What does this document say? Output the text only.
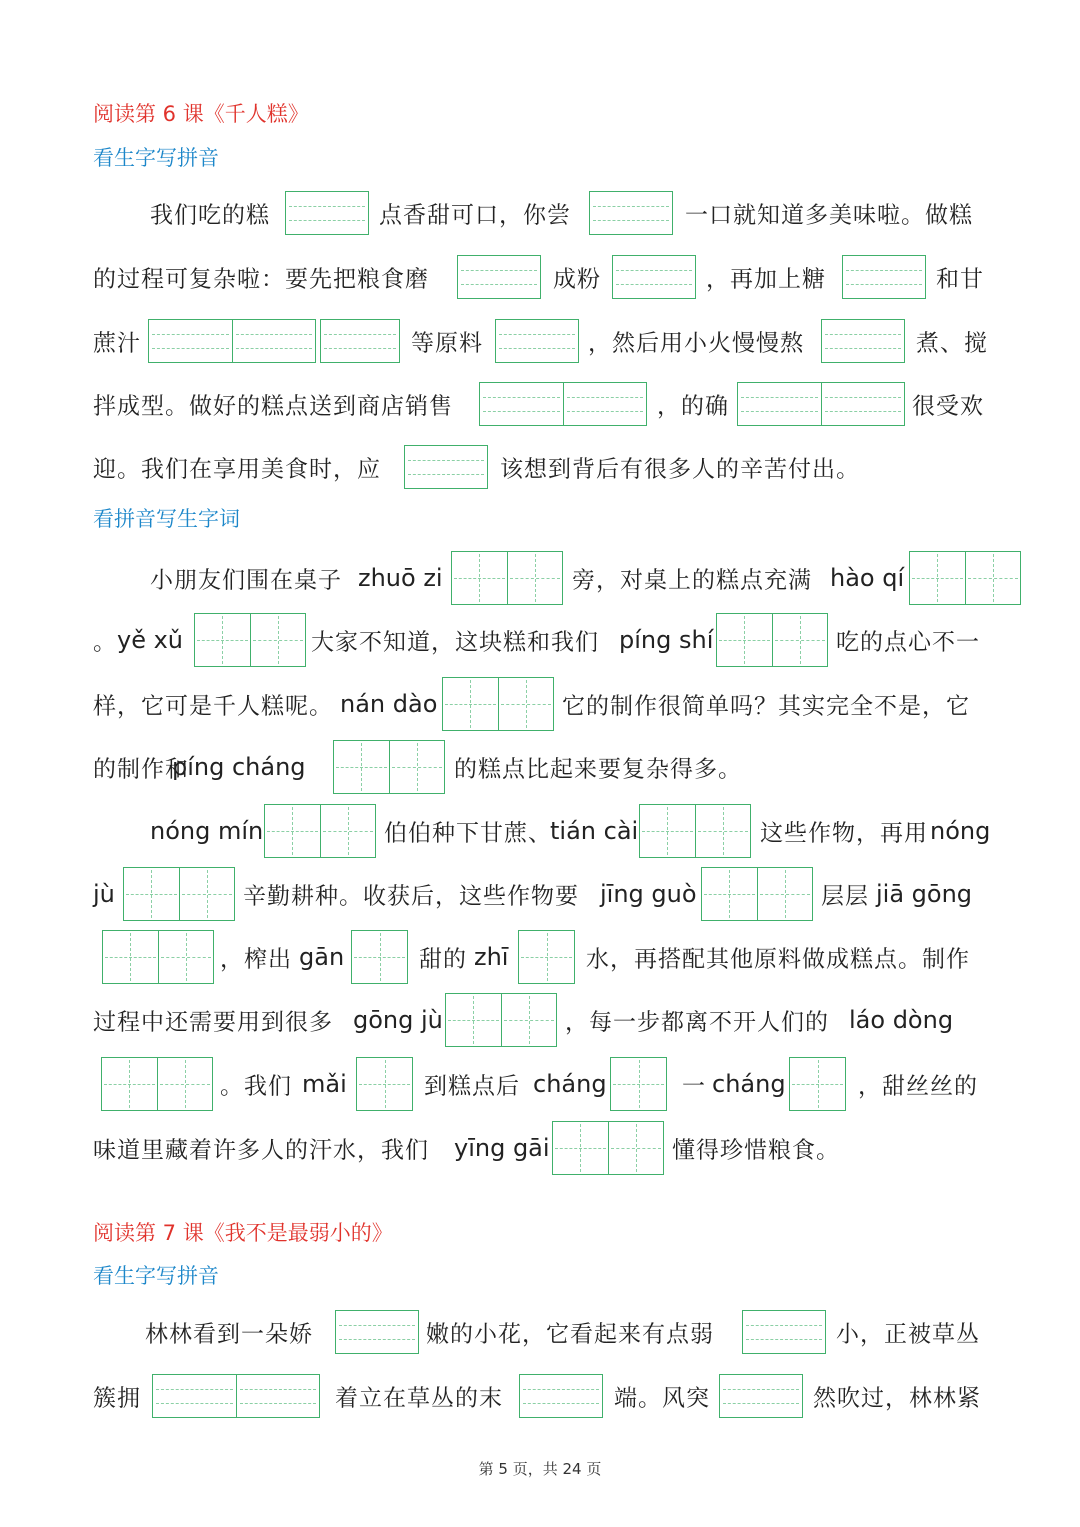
阅读第 6 课《千人糕》
看生字写拼音
我们吃的糕	点香甜可口，你尝	一口就知道多美味啦。做糕
的过程可复杂啦：要先把粮食磨	成粉	，再加上糖	和甘
蔗汁	等原料	，然后用小火慢慢熬	煮、搅
拌成型。做好的糕点送到商店销售	，的确	很受欢
迎。我们在享用美食时，应	该想到背后有很多人的辛苦付出。
看拼音写生字词
小朋友们围在桌子 zhuō zi	旁，对桌上的糕点充满 hào qí
。 yě xǔ	大家不知道，这块糕和我们 píng shí	吃的点心不一
样，它可是千人糕呢。 nán dào	它的制作很简单吗？其实完全不是，它
的制作和
píng cháng	的糕点比起来要复杂得多。
nóng mín	伯伯种下甘蔗、
tián cài	这些作物，再用 nóng
jù	辛勤耕种。收获后，这些作物要 jīng guò	层层 jiā gōng
，榨出 gān	甜的 zhī	水，再搭配其他原料做成糕点。制作
过程中还需要用到很多 gōng jù	，每一步都离不开人们的 láo dòng
。我们 mǎi	到糕点后 cháng	一 cháng	，甜丝丝的
味道里藏着许多人的汗水，我们 yīng gāi	懂得珍惜粮食。
阅读第 7 课《我不是最弱小的》
看生字写拼音
林林看到一朵娇	嫩的小花，它看起来有点弱	小，正被草丛
簇拥	着立在草丛的末	端。风突	然吹过，林林紧
第 5 页，共 24 页
